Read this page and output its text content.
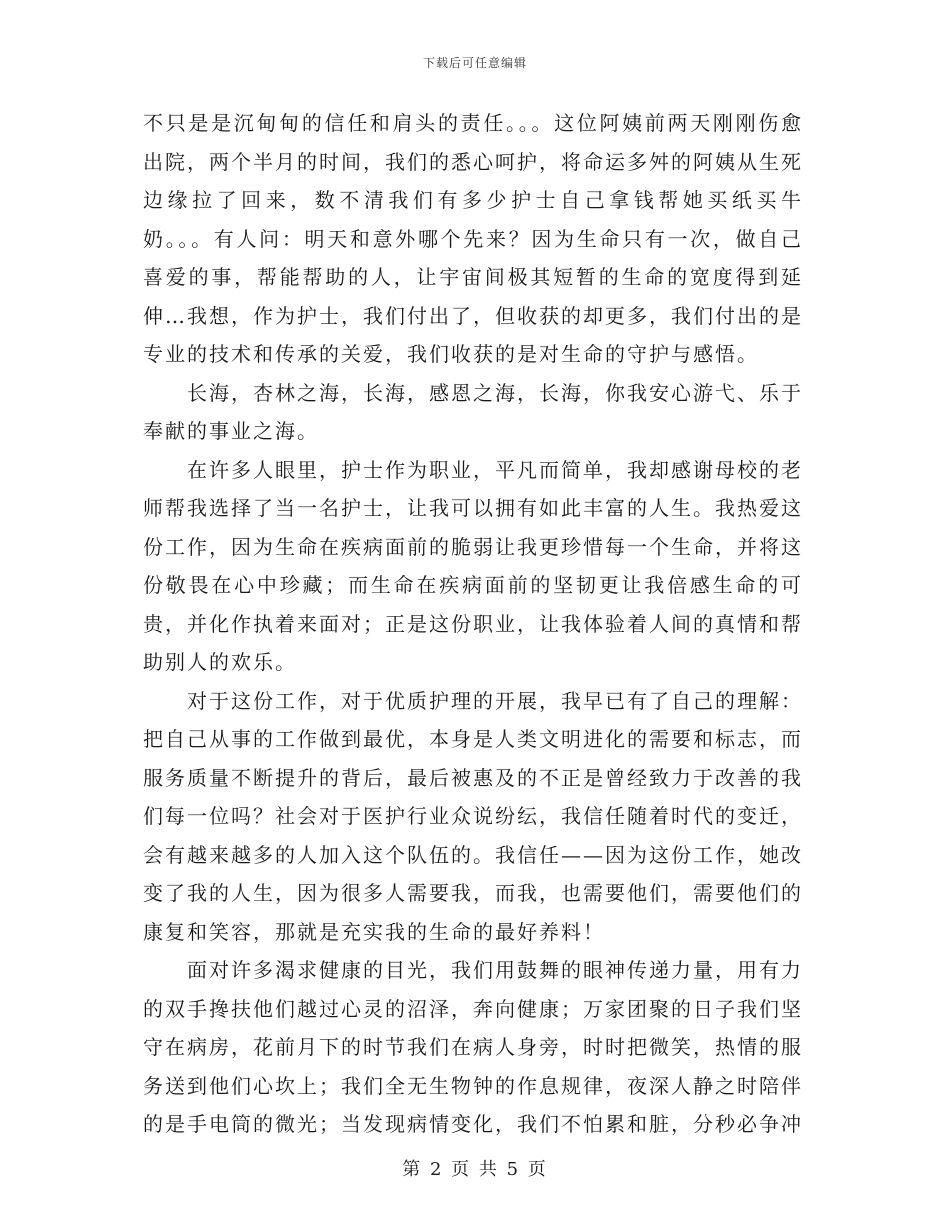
下载后可任意编辑

不只是是沉甸甸的信任和肩头的责任。。。这位阿姨前两天刚刚伤愈出院，两个半月的时间，我们的悉心呵护，将命运多舛的阿姨从生死边缘拉了回来，数不清我们有多少护士自己拿钱帮她买纸买牛奶。。。有人问：明天和意外哪个先来？因为生命只有一次，做自己喜爱的事，帮能帮助的人，让宇宙间极其短暂的生命的宽度得到延伸…我想，作为护士，我们付出了，但收获的却更多，我们付出的是专业的技术和传承的关爱，我们收获的是对生命的守护与感悟。

长海，杏林之海，长海，感恩之海，长海，你我安心游弋、乐于奉献的事业之海。

在许多人眼里，护士作为职业，平凡而简单，我却感谢母校的老师帮我选择了当一名护士，让我可以拥有如此丰富的人生。我热爱这份工作，因为生命在疾病面前的脆弱让我更珍惜每一个生命，并将这份敬畏在心中珍藏；而生命在疾病面前的坚韧更让我倍感生命的可贵，并化作执着来面对；正是这份职业，让我体验着人间的真情和帮助别人的欢乐。

对于这份工作，对于优质护理的开展，我早已有了自己的理解：把自己从事的工作做到最优，本身是人类文明进化的需要和标志，而服务质量不断提升的背后，最后被惠及的不正是曾经致力于改善的我们每一位吗？社会对于医护行业众说纷纭，我信任随着时代的变迁，会有越来越多的人加入这个队伍的。我信任——因为这份工作，她改变了我的人生，因为很多人需要我，而我，也需要他们，需要他们的康复和笑容，那就是充实我的生命的最好养料！

面对许多渴求健康的目光，我们用鼓舞的眼神传递力量，用有力的双手搀扶他们越过心灵的沼泽，奔向健康；万家团聚的日子我们坚守在病房，花前月下的时节我们在病人身旁，时时把微笑，热情的服务送到他们心坎上；我们全无生物钟的作息规律，夜深人静之时陪伴的是手电筒的微光；当发现病情变化，我们不怕累和脏，分秒必争冲

第 2 页 共 5 页
